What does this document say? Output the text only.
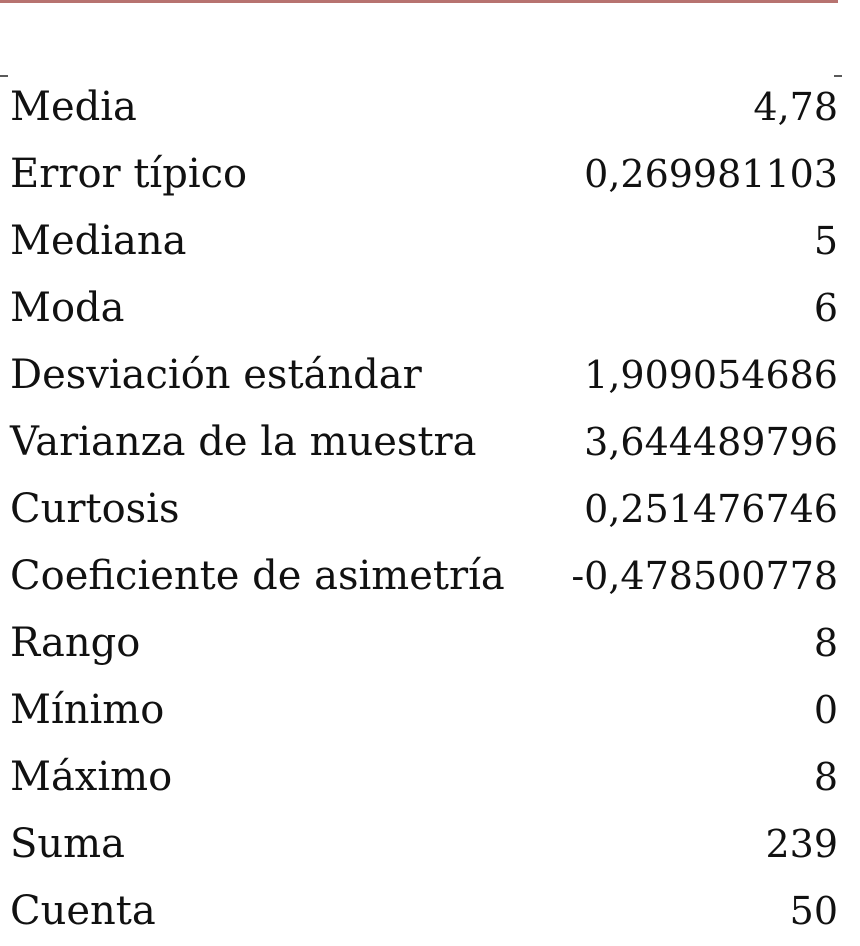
Media	4,78
Error típico	0,269981103
Mediana	5
Moda	6
Desviación estándar	1,909054686
Varianza de la muestra	3,644489796
Curtosis	0,251476746
Coeficiente de asimetría -0,478500778
Rango	8
Mínimo	0
Máximo	8
Suma	239
Cuenta	50
